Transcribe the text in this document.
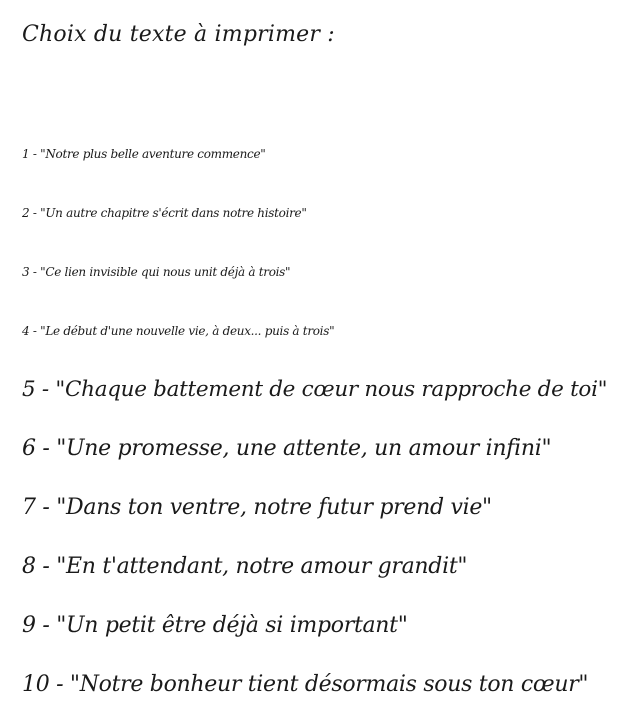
Choix du texte à imprimer :
1 - "Notre plus belle aventure commence"
2 - "Un autre chapitre s'écrit dans notre histoire"
3 - "Ce lien invisible qui nous unit déjà à trois"
4 - "Le début d'une nouvelle vie, à deux... puis à trois"
5 - "Chaque battement de cœur nous rapproche de toi"
6 - "Une promesse, une attente, un amour infini"
7 - "Dans ton ventre, notre futur prend vie"
8 - "En t'attendant, notre amour grandit"
9 - "Un petit être déjà si important"
10 - "Notre bonheur tient désormais sous ton cœur"
